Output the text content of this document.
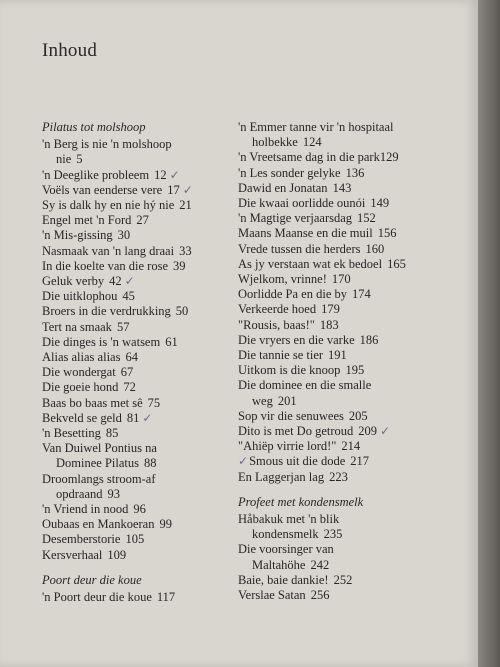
Inhoud
Pilatus tot molshoop
'n Berg is nie 'n molshoop
nie 5
'n Deeglike probleem 12 ✓
Voëls van eenderse vere 17 ✓
Sy is dalk hy en nie hý nie 21
Engel met 'n Ford 27
'n Mis-gissing 30
Nasmaak van 'n lang draai 33
In die koelte van die rose 39
Geluk verby 42 ✓
Die uitklophou 45
Broers in die verdrukking 50
Tert na smaak 57
Die dinges is 'n watsem 61
Alias alias alias 64
Die wondergat 67
Die goeie hond 72
Baas bo baas met sê 75
Bekveld se geld 81 ✓
'n Besetting 85
Van Duiwel Pontius na
Dominee Pilatus 88
Droomlangs stroom-af
opdraand 93
'n Vriend in nood 96
Oubaas en Mankoeran 99
Desemberstorie 105
Kersverhaal 109
Poort deur die koue
'n Poort deur die koue 117
'n Emmer tanne vir 'n hospitaal
holbekke 124
'n Vreetsame dag in die park129
'n Les sonder gelyke 136
Dawid en Jonatan 143
Die kwaai oorlidde ounói 149
'n Magtige verjaarsdag 152
Maans Maanse en die muil 156
Vrede tussen die herders 160
As jy verstaan wat ek bedoel 165
Wjelkom, vrinne! 170
Oorlidde Pa en die by 174
Verkeerde hoed 179
"Rousis, baas!" 183
Die vryers en die varke 186
Die tannie se tier 191
Uitkom is die knoop 195
Die dominee en die smalle
weg 201
Sop vir die senuwees 205
Dito is met Do getroud 209 ✓
"Ahiëp virrie lord!" 214
✓Smous uit die dode 217
En Laggerjan lag 223
Profeet met kondensmelk
Håbakuk met 'n blik
kondensmelk 235
Die voorsinger van
Maltahöhe 242
Baie, baie dankie! 252
Verslae Satan 256
